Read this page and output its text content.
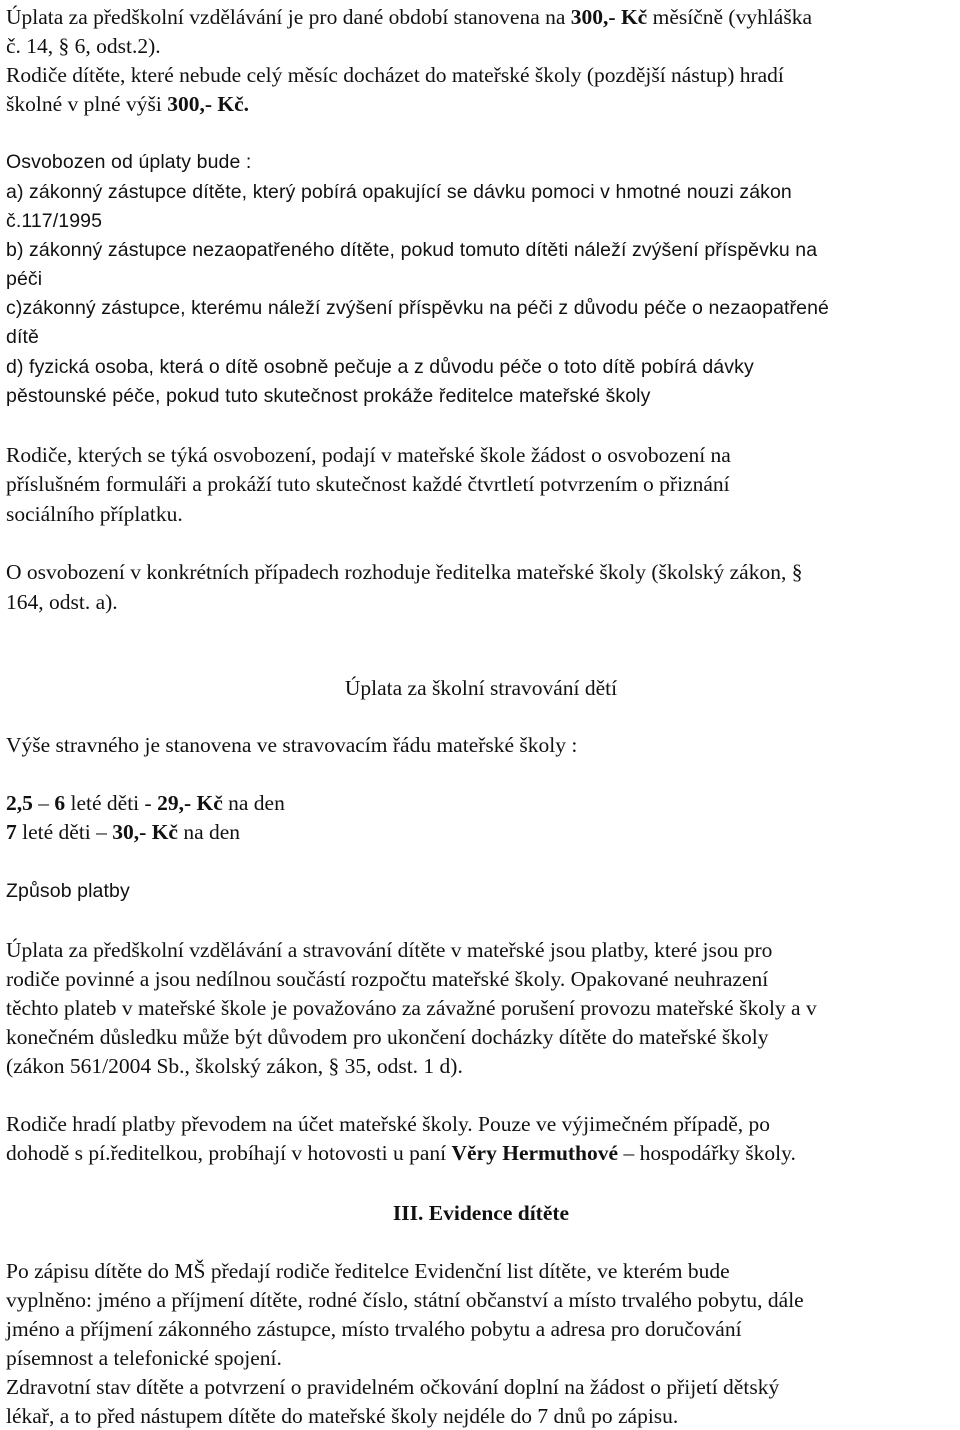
Úplata za předškolní vzdělávání je pro dané období stanovena na 300,- Kč měsíčně (vyhláška
č. 14, § 6, odst.2).
Rodiče dítěte, které nebude celý měsíc docházet do mateřské školy (pozdější nástup) hradí
školné v plné výši 300,- Kč.
Osvobozen od úplaty bude :
a) zákonný zástupce dítěte, který pobírá opakující se dávku pomoci v hmotné nouzi zákon
č.117/1995
b) zákonný zástupce nezaopatřeného dítěte, pokud tomuto dítěti náleží zvýšení příspěvku na
péči
c)zákonný zástupce, kterému náleží zvýšení příspěvku na péči z důvodu péče o nezaopatřené
dítě
d) fyzická osoba, která o dítě osobně pečuje a z důvodu péče o toto dítě pobírá dávky
pěstounské péče, pokud tuto skutečnost prokáže ředitelce mateřské školy
Rodiče, kterých se týká osvobození, podají v mateřské škole žádost o osvobození na
příslušném formuláři a prokáží tuto skutečnost každé čtvrtletí potvrzením o přiznání
sociálního příplatku.
O osvobození v konkrétních případech rozhoduje ředitelka mateřské školy (školský zákon, §
164, odst. a).
Úplata za školní stravování dětí
Výše stravného je stanovena ve stravovacím řádu mateřské školy :
2,5 – 6 leté děti - 29,- Kč na den
7 leté děti – 30,- Kč na den
Způsob platby
Úplata za předškolní vzdělávání a stravování dítěte v mateřské jsou platby, které jsou pro
rodiče povinné a jsou nedílnou součástí rozpočtu mateřské školy. Opakované neuhrazení
těchto plateb v mateřské škole je považováno za závažné porušení provozu mateřské školy a v
konečném důsledku může být důvodem pro ukončení docházky dítěte do mateřské školy
(zákon 561/2004 Sb., školský zákon, § 35, odst. 1 d).
Rodiče hradí platby převodem na účet mateřské školy. Pouze ve výjimečném případě, po
dohodě s pí.ředitelkou, probíhají v hotovosti u paní Věry Hermuthové – hospodářky školy.
III. Evidence dítěte
Po zápisu dítěte do MŠ předají rodiče ředitelce Evidenční list dítěte, ve kterém bude
vyplněno: jméno a příjmení dítěte, rodné číslo, státní občanství a místo trvalého pobytu, dále
jméno a příjmení zákonného zástupce, místo trvalého pobytu a adresa pro doručování
písemnost a telefonické spojení.
Zdravotní stav dítěte a potvrzení o pravidelném očkování doplní na žádost o přijetí dětský
lékař, a to před nástupem dítěte do mateřské školy nejdéle do 7 dnů po zápisu.
